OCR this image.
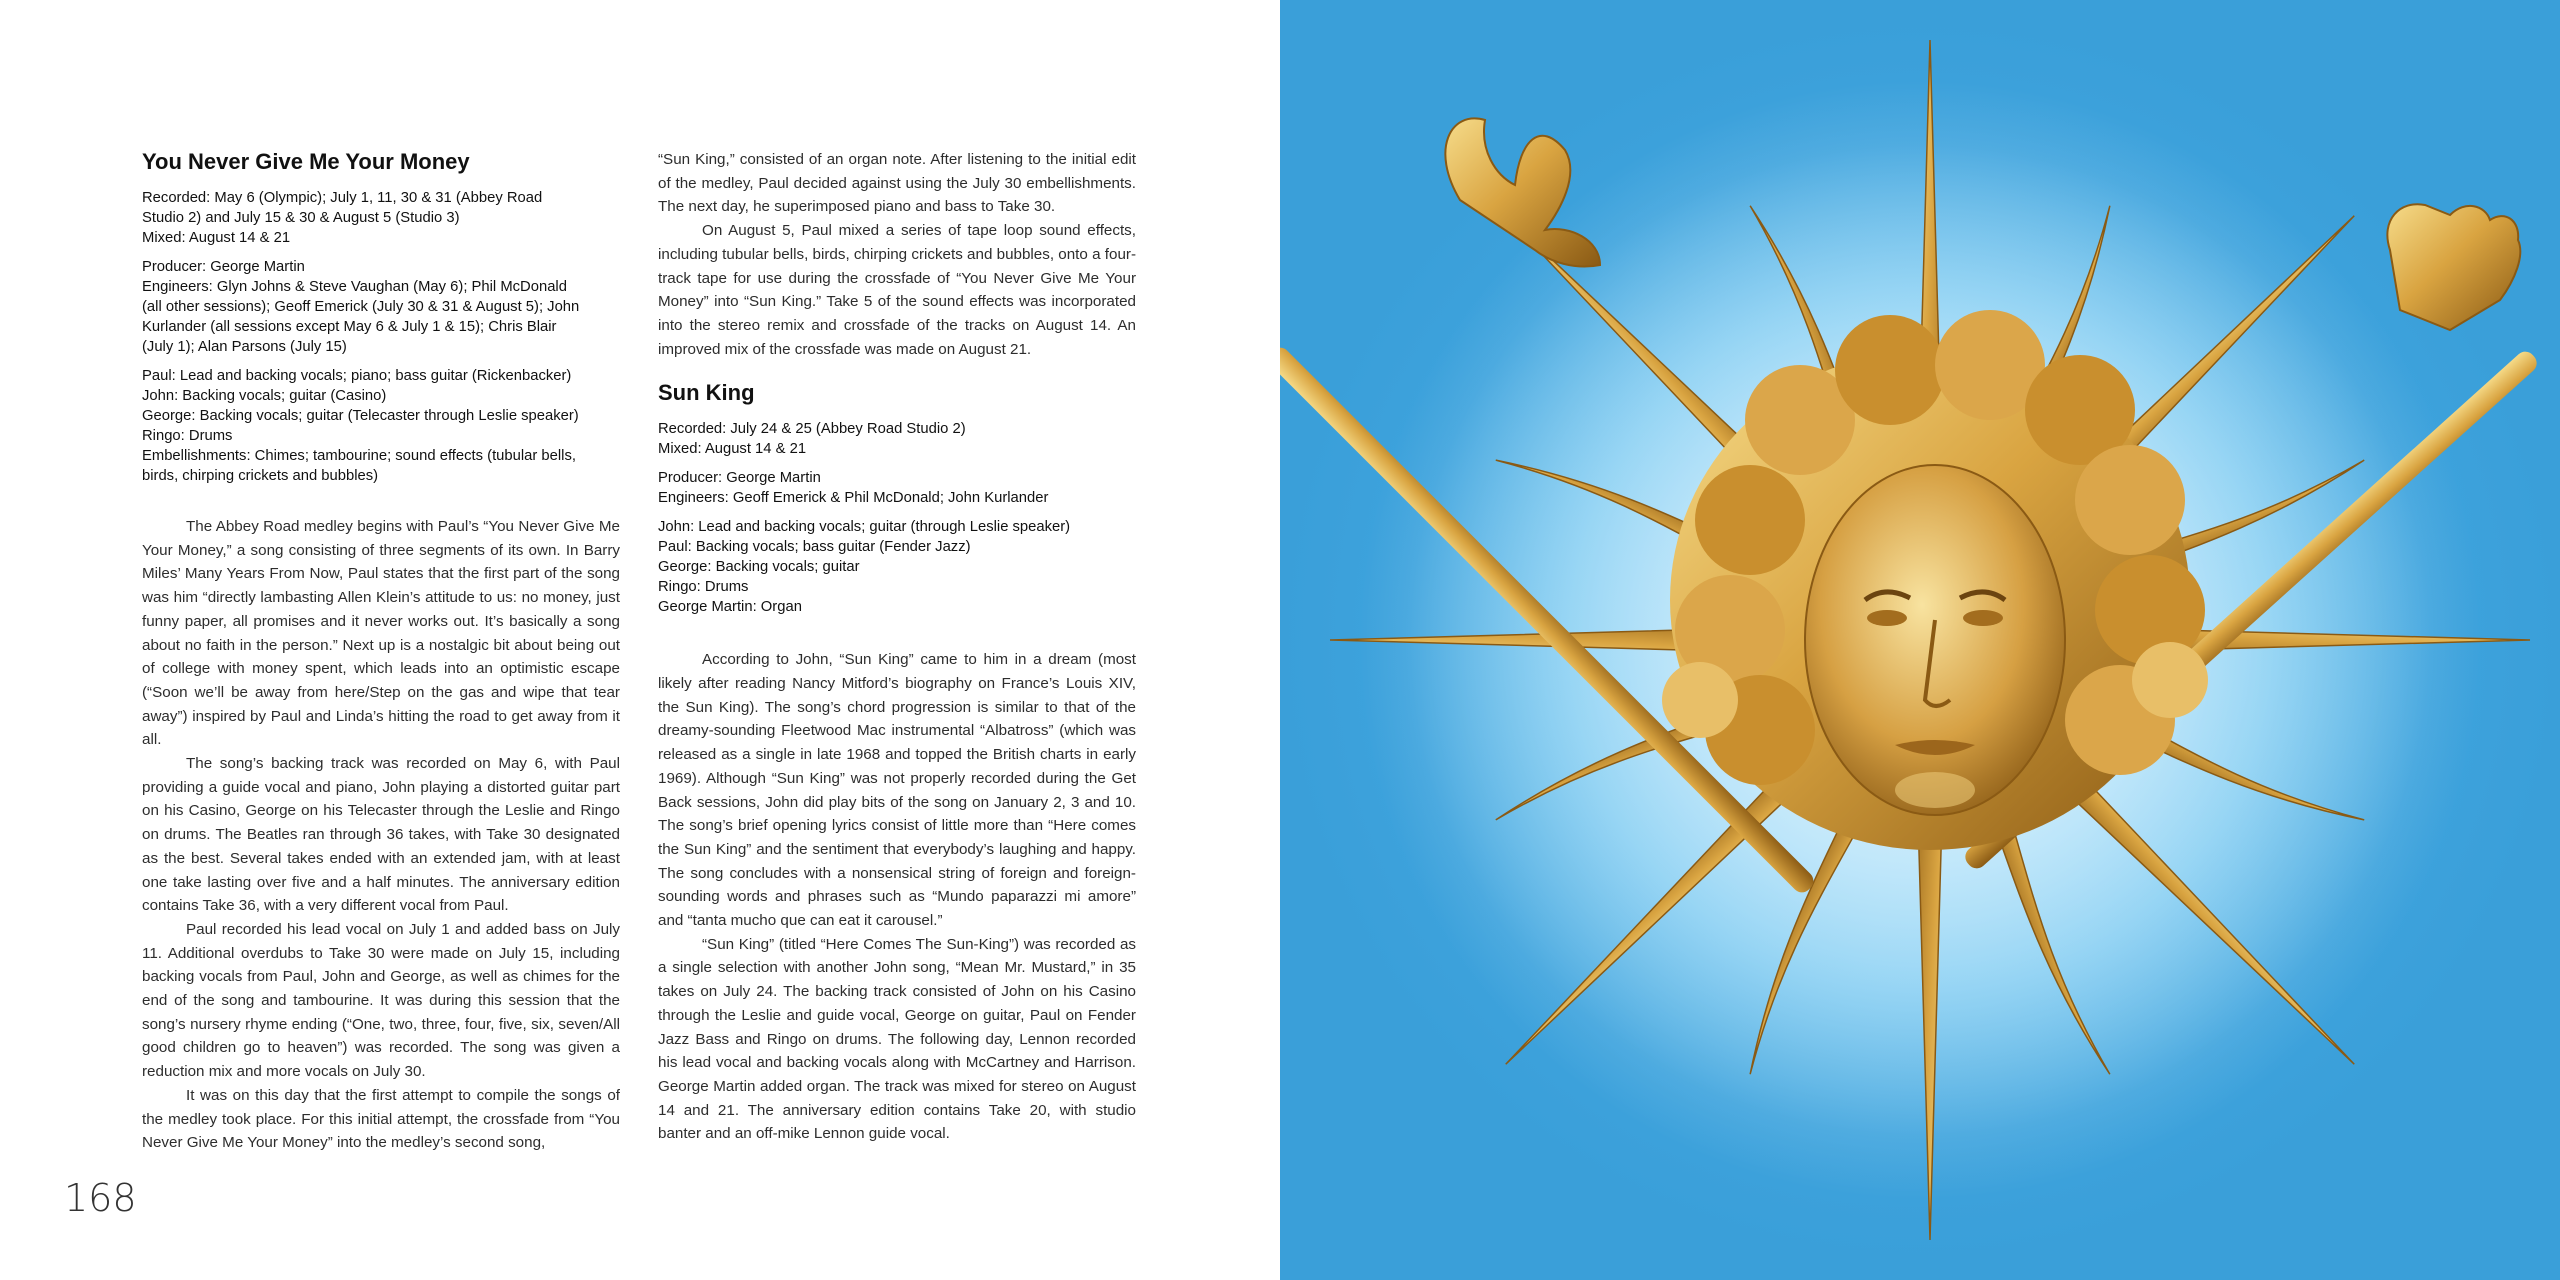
You Never Give Me Your Money
Recorded: May 6 (Olympic); July 1, 11, 30 & 31 (Abbey Road
Studio 2) and July 15 & 30 & August 5 (Studio 3)
Mixed: August 14 & 21
Producer: George Martin
Engineers: Glyn Johns & Steve Vaughan (May 6); Phil McDonald
(all other sessions); Geoff Emerick (July 30 & 31 & August 5); John
Kurlander (all sessions except May 6 & July 1 & 15); Chris Blair
(July 1); Alan Parsons (July 15)
Paul: Lead and backing vocals; piano; bass guitar (Rickenbacker)
John: Backing vocals; guitar (Casino)
George: Backing vocals; guitar (Telecaster through Leslie speaker)
Ringo: Drums
Embellishments: Chimes; tambourine; sound effects (tubular bells,
birds, chirping crickets and bubbles)

The Abbey Road medley begins with Paul’s “You Never Give Me Your Money,” a song consisting of three segments of its own. In Barry Miles’ Many Years From Now, Paul states that the first part of the song was him “directly lambasting Allen Klein’s attitude to us: no money, just funny paper, all promises and it never works out. It’s basically a song about no faith in the person.” Next up is a nostalgic bit about being out of college with money spent, which leads into an optimistic escape (“Soon we’ll be away from here/Step on the gas and wipe that tear away”) inspired by Paul and Linda’s hitting the road to get away from it all.

The song’s backing track was recorded on May 6, with Paul providing a guide vocal and piano, John playing a distorted guitar part on his Casino, George on his Telecaster through the Leslie and Ringo on drums. The Beatles ran through 36 takes, with Take 30 designated as the best. Several takes ended with an extended jam, with at least one take lasting over five and a half minutes. The anniversary edition contains Take 36, with a very different vocal from Paul.

Paul recorded his lead vocal on July 1 and added bass on July 11. Additional overdubs to Take 30 were made on July 15, including backing vocals from Paul, John and George, as well as chimes for the end of the song and tambourine. It was during this session that the song’s nursery rhyme ending (“One, two, three, four, five, six, seven/All good children go to heaven”) was recorded. The song was given a reduction mix and more vocals on July 30.

It was on this day that the first attempt to compile the songs of the medley took place. For this initial attempt, the crossfade from “You Never Give Me Your Money” into the medley’s second song,

“Sun King,” consisted of an organ note. After listening to the initial edit of the medley, Paul decided against using the July 30 embellishments. The next day, he superimposed piano and bass to Take 30.

On August 5, Paul mixed a series of tape loop sound effects, including tubular bells, birds, chirping crickets and bubbles, onto a four-track tape for use during the crossfade of “You Never Give Me Your Money” into “Sun King.” Take 5 of the sound effects was incorporated into the stereo remix and crossfade of the tracks on August 14. An improved mix of the crossfade was made on August 21.

Sun King
Recorded: July 24 & 25 (Abbey Road Studio 2)
Mixed: August 14 & 21
Producer: George Martin
Engineers: Geoff Emerick & Phil McDonald; John Kurlander
John: Lead and backing vocals; guitar (through Leslie speaker)
Paul: Backing vocals; bass guitar (Fender Jazz)
George: Backing vocals; guitar
Ringo: Drums
George Martin: Organ

According to John, “Sun King” came to him in a dream (most likely after reading Nancy Mitford’s biography on France’s Louis XIV, the Sun King). The song’s chord progression is similar to that of the dreamy-sounding Fleetwood Mac instrumental “Albatross” (which was released as a single in late 1968 and topped the British charts in early 1969). Although “Sun King” was not properly recorded during the Get Back sessions, John did play bits of the song on January 2, 3 and 10. The song’s brief opening lyrics consist of little more than “Here comes the Sun King” and the sentiment that everybody’s laughing and happy. The song concludes with a nonsensical string of foreign and foreign-sounding words and phrases such as “Mundo paparazzi mi amore” and “tanta mucho que can eat it carousel.”

“Sun King” (titled “Here Comes The Sun-King”) was recorded as a single selection with another John song, “Mean Mr. Mustard,” in 35 takes on July 24. The backing track consisted of John on his Casino through the Leslie and guide vocal, George on guitar, Paul on Fender Jazz Bass and Ringo on drums. The following day, Lennon recorded his lead vocal and backing vocals along with McCartney and Harrison. George Martin added organ. The track was mixed for stereo on August 14 and 21. The anniversary edition contains Take 20, with studio banter and an off-mike Lennon guide vocal.

168
